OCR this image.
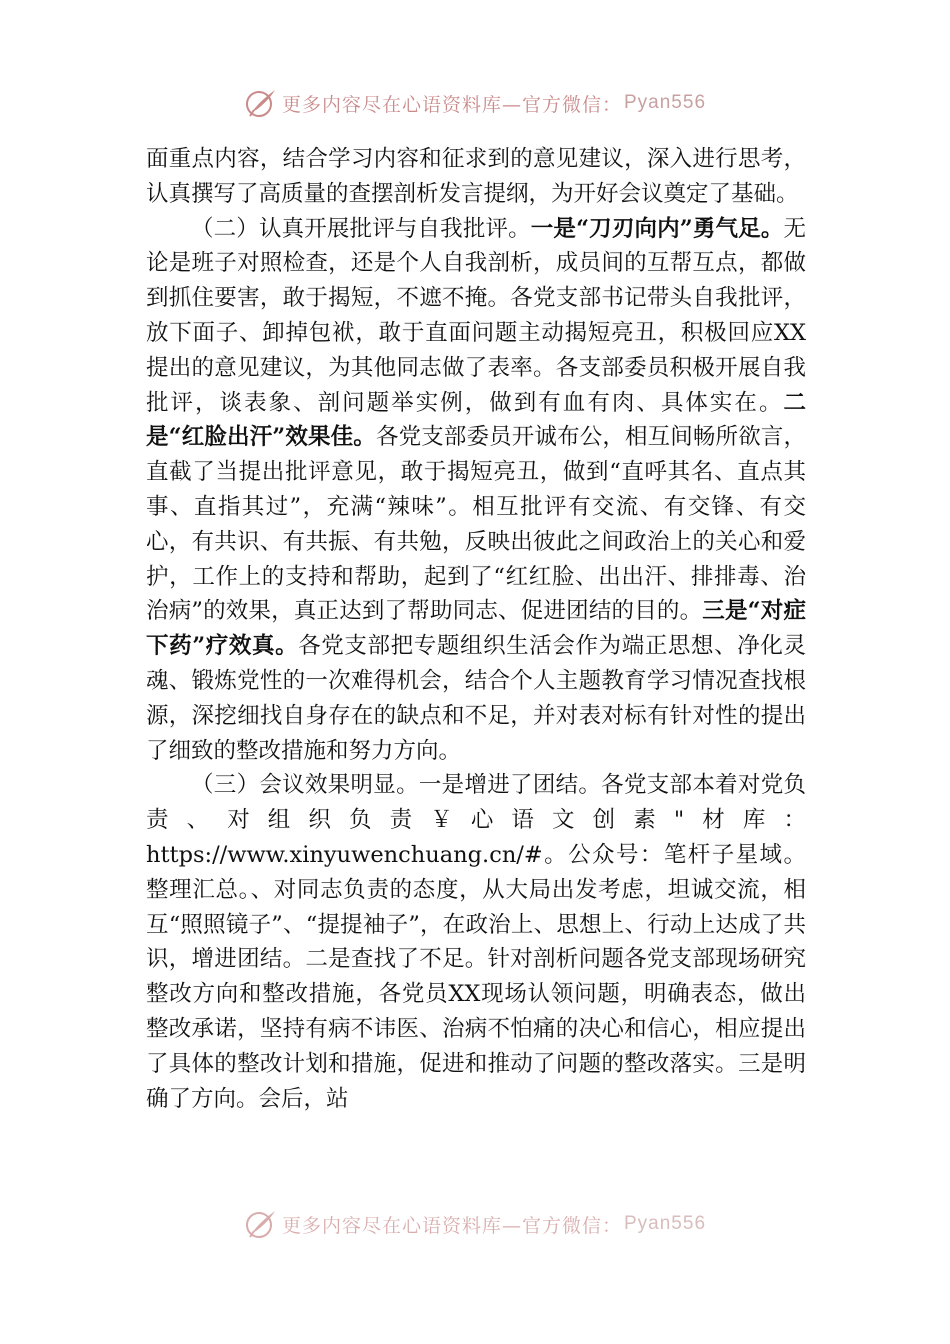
更多内容尽在心语资料库—官方微信： Pyan556

面重点内容，结合学习内容和征求到的意见建议，深入进行思考，认真撰写了高质量的查摆剖析发言提纲，为开好会议奠定了基础。

（二）认真开展批评与自我批评。一是“刀刃向内”勇气足。无论是班子对照检查，还是个人自我剖析，成员间的互帮互点，都做到抓住要害，敢于揭短，不遮不掩。各党支部书记带头自我批评，放下面子、卸掉包袱，敢于直面问题主动揭短亮丑，积极回应XX提出的意见建议，为其他同志做了表率。各支部委员积极开展自我批评，谈表象、剖问题举实例，做到有血有肉、具体实在。二是“红脸出汗”效果佳。各党支部委员开诚布公，相互间畅所欲言，直截了当提出批评意见，敢于揭短亮丑，做到“直呼其名、直点其事、直指其过”，充满“辣味”。相互批评有交流、有交锋、有交心，有共识、有共振、有共勉，反映出彼此之间政治上的关心和爱护，工作上的支持和帮助，起到了“红红脸、出出汗、排排毒、治治病”的效果，真正达到了帮助同志、促进团结的目的。三是“对症下药”疗效真。各党支部把专题组织生活会作为端正思想、净化灵魂、锻炼党性的一次难得机会，结合个人主题教育学习情况查找根源，深挖细找自身存在的缺点和不足，并对表对标有针对性的提出了细致的整改措施和努力方向。

（三）会议效果明显。一是增进了团结。各党支部本着对党负责、对组织负责￥心语文创素"材库：https://www.xinyuwenchuang.cn/#。公众号：笔杆子星域。整理汇总。、对同志负责的态度，从大局出发考虑，坦诚交流，相互“照照镜子”、“提提袖子”，在政治上、思想上、行动上达成了共识，增进团结。二是查找了不足。针对剖析问题各党支部现场研究整改方向和整改措施，各党员XX现场认领问题，明确表态，做出整改承诺，坚持有病不讳医、治病不怕痛的决心和信心，相应提出了具体的整改计划和措施，促进和推动了问题的整改落实。三是明确了方向。会后，站

更多内容尽在心语资料库—官方微信： Pyan556
